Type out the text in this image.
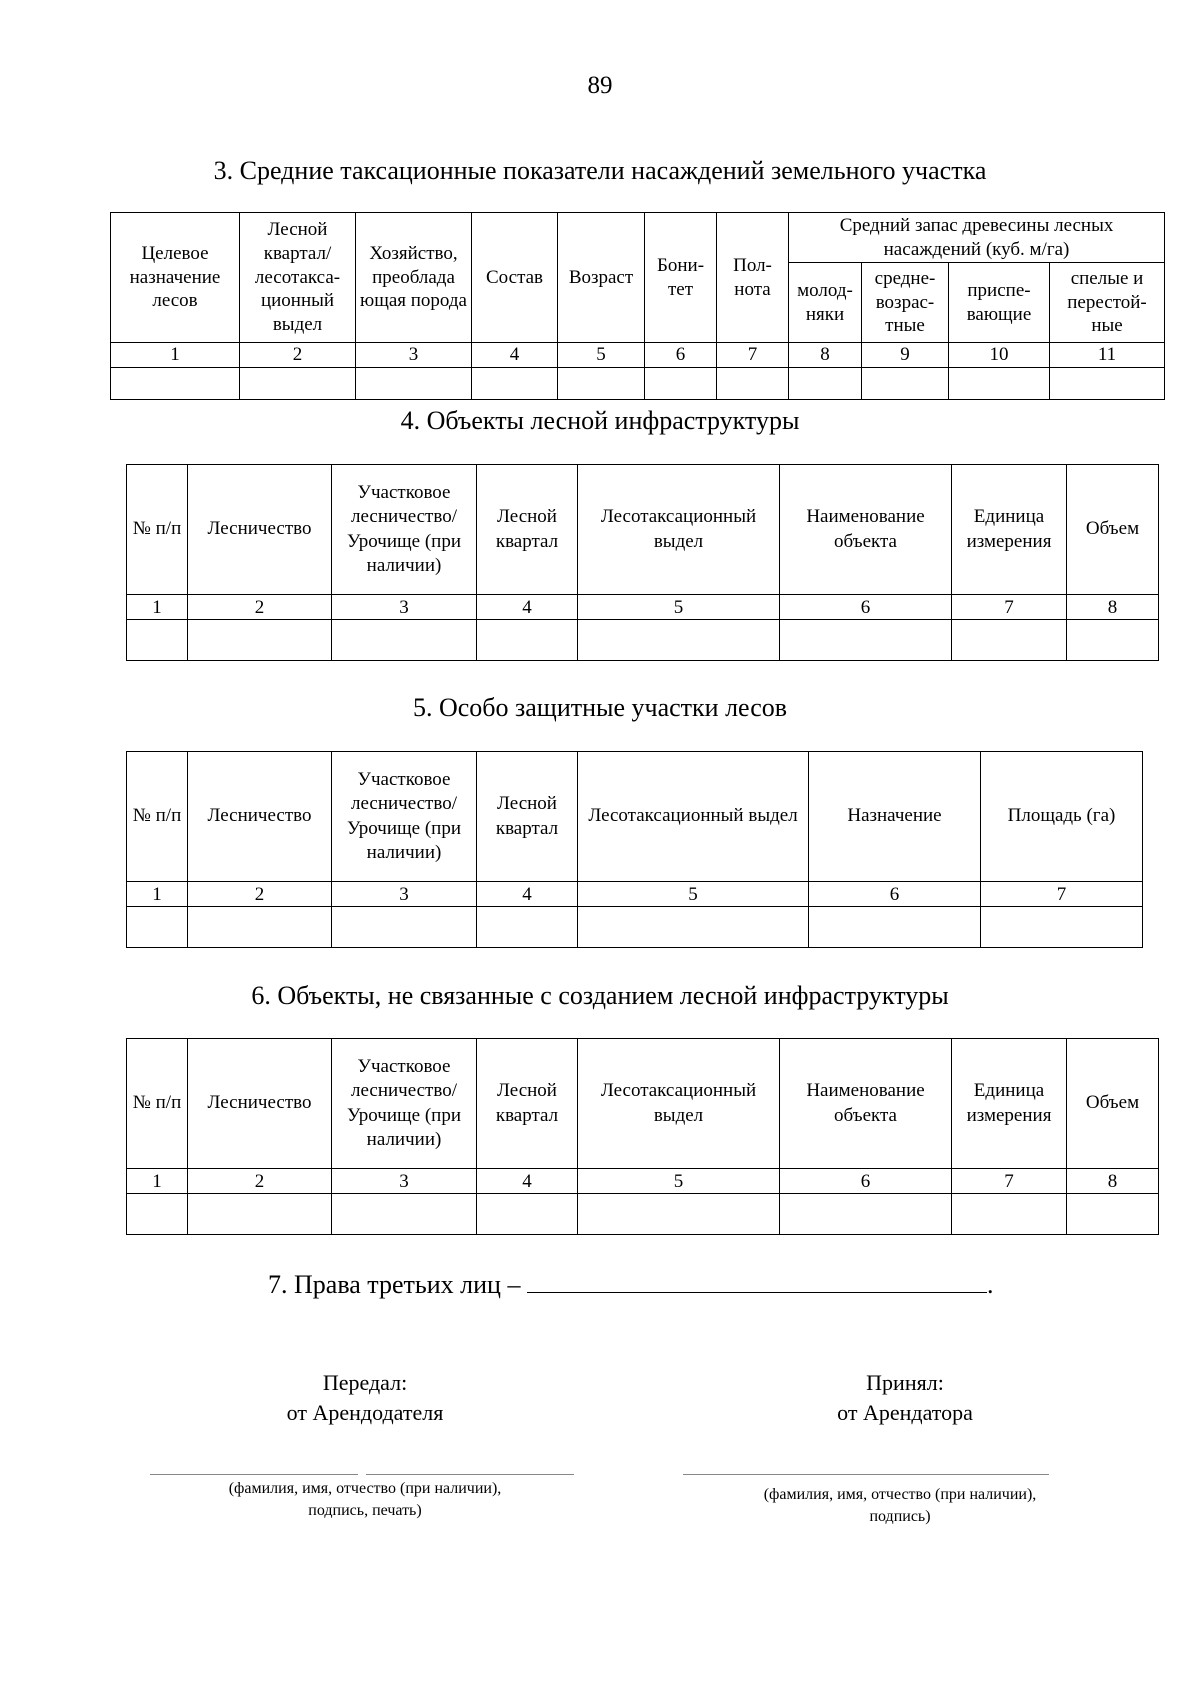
89
3. Средние таксационные показатели насаждений земельного участка
Целевое назначение лесов	Лесной квартал/ лесотакса-ционный выдел	Хозяйство, преоблада ющая порода	Состав	Возраст	Бони-тет	Пол-нота	Средний запас древесины лесных насаждений (куб. м/га)			
							молод-няки	средне-возрас-тные	приспе-вающие	спелые и перестой-ные
1	2	3	4	5	6	7	8	9	10	11

4. Объекты лесной инфраструктуры
№ п/п	Лесничество	Участковое лесничество/ Урочище (при наличии)	Лесной квартал	Лесотаксационный выдел	Наименование объекта	Единица измерения	Объем
1	2	3	4	5	6	7	8

5. Особо защитные участки лесов
№ п/п	Лесничество	Участковое лесничество/ Урочище (при наличии)	Лесной квартал	Лесотаксационный выдел	Назначение	Площадь (га)
1	2	3	4	5	6	7

6. Объекты, не связанные с созданием лесной инфраструктуры
№ п/п	Лесничество	Участковое лесничество/ Урочище (при наличии)	Лесной квартал	Лесотаксационный выдел	Наименование объекта	Единица измерения	Объем
1	2	3	4	5	6	7	8

7. Права третьих лиц –	.
Передал:
от Арендодателя
Принял:
от Арендатора
(фамилия, имя, отчество (при наличии),
подпись, печать)
(фамилия, имя, отчество (при наличии),
подпись)
